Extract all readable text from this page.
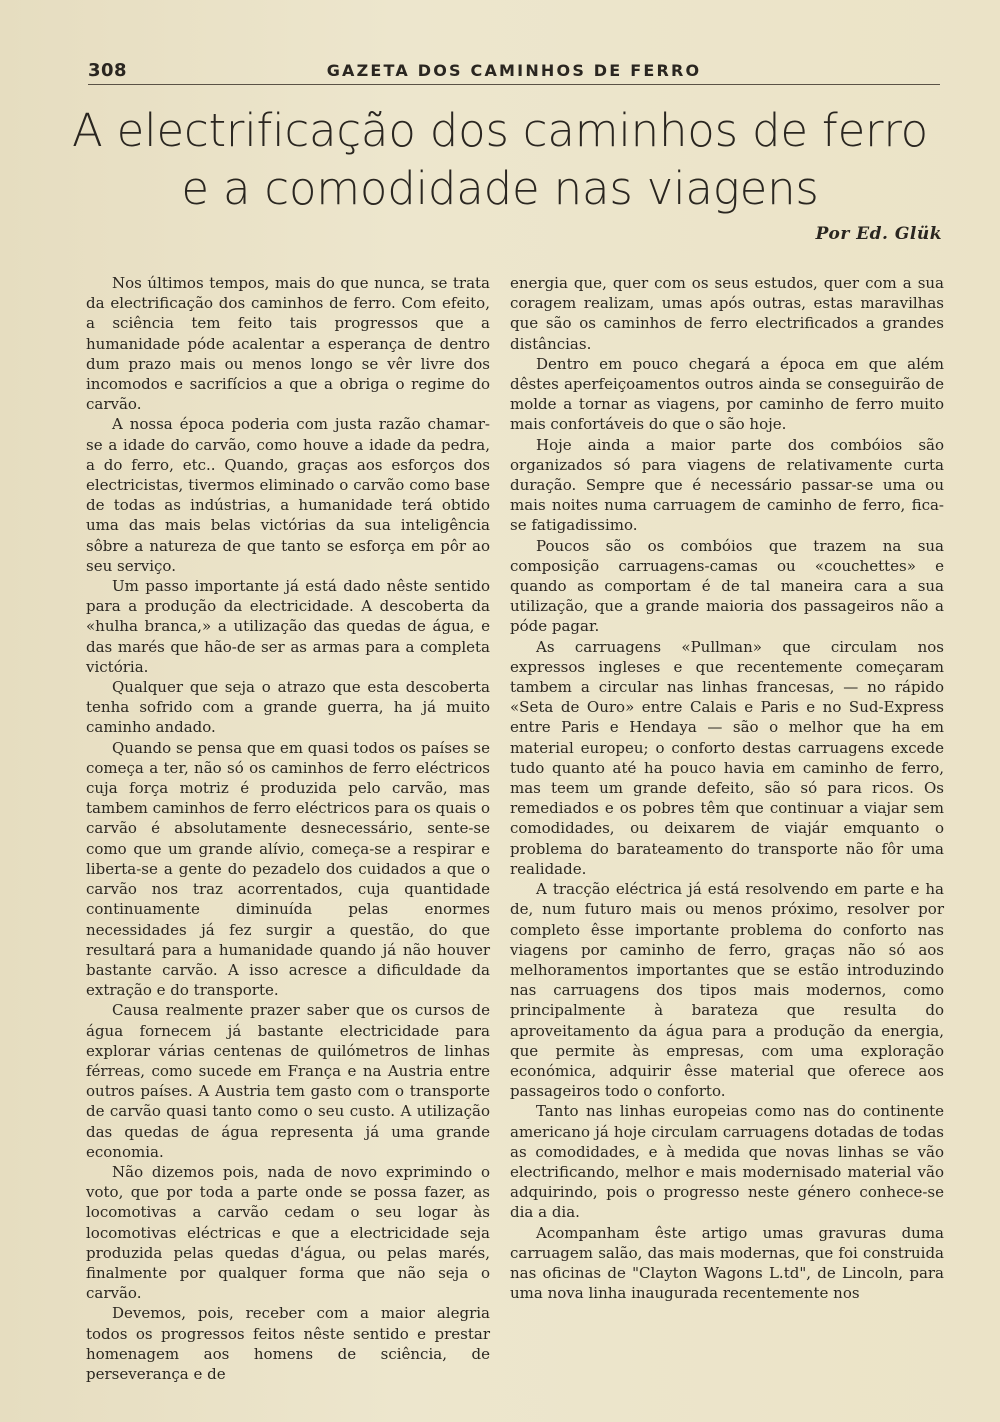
308	GAZETA DOS CAMINHOS DE FERRO
A electrificação dos caminhos de ferro
e a comodidade nas viagens
Por Ed. Glük

Nos últimos tempos, mais do que nunca, se trata da electrificação dos caminhos de ferro. Com efeito, a sciência tem feito tais progressos que a humanidade póde acalentar a esperança de dentro dum prazo mais ou menos longo se vêr livre dos incomodos e sacrifícios a que a obriga o regime do carvão.

A nossa época poderia com justa razão chamar-se a idade do carvão, como houve a idade da pedra, a do ferro, etc.. Quando, graças aos esforços dos electricistas, tivermos eliminado o carvão como base de todas as indústrias, a humanidade terá obtido uma das mais belas victórias da sua inteligência sôbre a natureza de que tanto se esforça em pôr ao seu serviço.

Um passo importante já está dado nêste sentido para a produção da electricidade. A descoberta da «hulha branca,» a utilização das quedas de água, e das marés que hão-de ser as armas para a completa victória.

Qualquer que seja o atrazo que esta descoberta tenha sofrido com a grande guerra, ha já muito caminho andado.

Quando se pensa que em quasi todos os países se começa a ter, não só os caminhos de ferro eléctricos cuja força motriz é produzida pelo carvão, mas tambem caminhos de ferro eléctricos para os quais o carvão é absolutamente desnecessário, sente-se como que um grande alívio, começa-se a respirar e liberta-se a gente do pezadelo dos cuidados a que o carvão nos traz acorrentados, cuja quantidade continuamente diminuída pelas enormes necessidades já fez surgir a questão, do que resultará para a humanidade quando já não houver bastante carvão. A isso acresce a dificuldade da extração e do transporte.

Causa realmente prazer saber que os cursos de água fornecem já bastante electricidade para explorar várias centenas de quilómetros de linhas férreas, como sucede em França e na Austria entre outros países. A Austria tem gasto com o transporte de carvão quasi tanto como o seu custo. A utilização das quedas de água representa já uma grande economia.

Não dizemos pois, nada de novo exprimindo o voto, que por toda a parte onde se possa fazer, as locomotivas a carvão cedam o seu logar às locomotivas eléctricas e que a electricidade seja produzida pelas quedas d'água, ou pelas marés, finalmente por qualquer forma que não seja o carvão.

Devemos, pois, receber com a maior alegria todos os progressos feitos nêste sentido e prestar homenagem aos homens de sciência, de perseverança e de

energia que, quer com os seus estudos, quer com a sua coragem realizam, umas após outras, estas maravilhas que são os caminhos de ferro electrificados a grandes distâncias.

Dentro em pouco chegará a época em que além dêstes aperfeiçoamentos outros ainda se conseguirão de molde a tornar as viagens, por caminho de ferro muito mais confortáveis do que o são hoje.

Hoje ainda a maior parte dos combóios são organizados só para viagens de relativamente curta duração. Sempre que é necessário passar-se uma ou mais noites numa carruagem de caminho de ferro, fica-se fatigadissimo.

Poucos são os combóios que trazem na sua composição carruagens-camas ou «couchettes» e quando as comportam é de tal maneira cara a sua utilização, que a grande maioria dos passageiros não a póde pagar.

As carruagens «Pullman» que circulam nos expressos ingleses e que recentemente começaram tambem a circular nas linhas francesas, — no rápido «Seta de Ouro» entre Calais e Paris e no Sud-Express entre Paris e Hendaya — são o melhor que ha em material europeu; o conforto destas carruagens excede tudo quanto até ha pouco havia em caminho de ferro, mas teem um grande defeito, são só para ricos. Os remediados e os pobres têm que continuar a viajar sem comodidades, ou deixarem de viajár emquanto o problema do barateamento do transporte não fôr uma realidade.

A tracção eléctrica já está resolvendo em parte e ha de, num futuro mais ou menos próximo, resolver por completo êsse importante problema do conforto nas viagens por caminho de ferro, graças não só aos melhoramentos importantes que se estão introduzindo nas carruagens dos tipos mais modernos, como principalmente à barateza que resulta do aproveitamento da água para a produção da energia, que permite às empresas, com uma exploração económica, adquirir êsse material que oferece aos passageiros todo o conforto.

Tanto nas linhas europeias como nas do continente americano já hoje circulam carruagens dotadas de todas as comodidades, e à medida que novas linhas se vão electrificando, melhor e mais modernisado material vão adquirindo, pois o progresso neste género conhece-se dia a dia.

Acompanham êste artigo umas gravuras duma carruagem salão, das mais modernas, que foi construida nas oficinas de "Clayton Wagons L.td", de Lincoln, para uma nova linha inaugurada recentemente nos
